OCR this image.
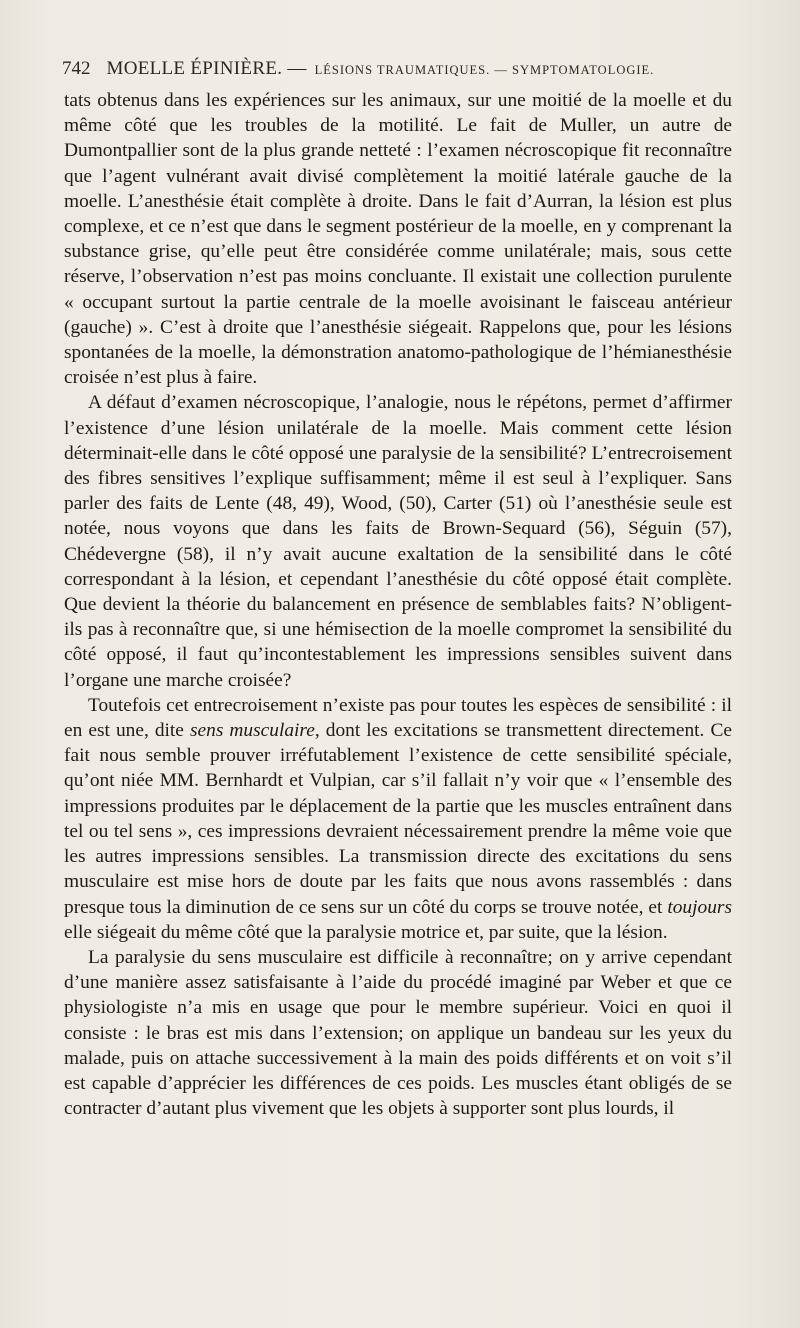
742 MOELLE ÉPINIÈRE. — LÉSIONS TRAUMATIQUES. — SYMPTOMATOLOGIE.

tats obtenus dans les expériences sur les animaux, sur une moitié de la moelle et du même côté que les troubles de la motilité. Le fait de Muller, un autre de Dumontpallier sont de la plus grande netteté : l’examen nécroscopique fit reconnaître que l’agent vulnérant avait divisé complètement la moitié latérale gauche de la moelle. L’anesthésie était complète à droite. Dans le fait d’Aurran, la lésion est plus complexe, et ce n’est que dans le segment postérieur de la moelle, en y comprenant la substance grise, qu’elle peut être considérée comme unilatérale; mais, sous cette réserve, l’observation n’est pas moins concluante. Il existait une collection purulente « occupant surtout la partie centrale de la moelle avoisinant le faisceau antérieur (gauche) ». C’est à droite que l’anesthésie siégeait. Rappelons que, pour les lésions spontanées de la moelle, la démonstration anatomo-pathologique de l’hémianesthésie croisée n’est plus à faire.

A défaut d’examen nécroscopique, l’analogie, nous le répétons, permet d’affirmer l’existence d’une lésion unilatérale de la moelle. Mais comment cette lésion déterminait-elle dans le côté opposé une paralysie de la sensibilité? L’entrecroisement des fibres sensitives l’explique suffisamment; même il est seul à l’expliquer. Sans parler des faits de Lente (48, 49), Wood, (50), Carter (51) où l’anesthésie seule est notée, nous voyons que dans les faits de Brown-Sequard (56), Séguin (57), Chédevergne (58), il n’y avait aucune exaltation de la sensibilité dans le côté correspondant à la lésion, et cependant l’anesthésie du côté opposé était complète. Que devient la théorie du balancement en présence de semblables faits? N’obligent-ils pas à reconnaître que, si une hémisection de la moelle compromet la sensibilité du côté opposé, il faut qu’incontestablement les impressions sensibles suivent dans l’organe une marche croisée?

Toutefois cet entrecroisement n’existe pas pour toutes les espèces de sensibilité : il en est une, dite sens musculaire, dont les excitations se transmettent directement. Ce fait nous semble prouver irréfutablement l’existence de cette sensibilité spéciale, qu’ont niée MM. Bernhardt et Vulpian, car s’il fallait n’y voir que « l’ensemble des impressions produites par le déplacement de la partie que les muscles entraînent dans tel ou tel sens », ces impressions devraient nécessairement prendre la même voie que les autres impressions sensibles. La transmission directe des excitations du sens musculaire est mise hors de doute par les faits que nous avons rassemblés : dans presque tous la diminution de ce sens sur un côté du corps se trouve notée, et toujours elle siégeait du même côté que la paralysie motrice et, par suite, que la lésion.

La paralysie du sens musculaire est difficile à reconnaître; on y arrive cependant d’une manière assez satisfaisante à l’aide du procédé imaginé par Weber et que ce physiologiste n’a mis en usage que pour le membre supérieur. Voici en quoi il consiste : le bras est mis dans l’extension; on applique un bandeau sur les yeux du malade, puis on attache successivement à la main des poids différents et on voit s’il est capable d’apprécier les différences de ces poids. Les muscles étant obligés de se contracter d’autant plus vivement que les objets à supporter sont plus lourds, il
